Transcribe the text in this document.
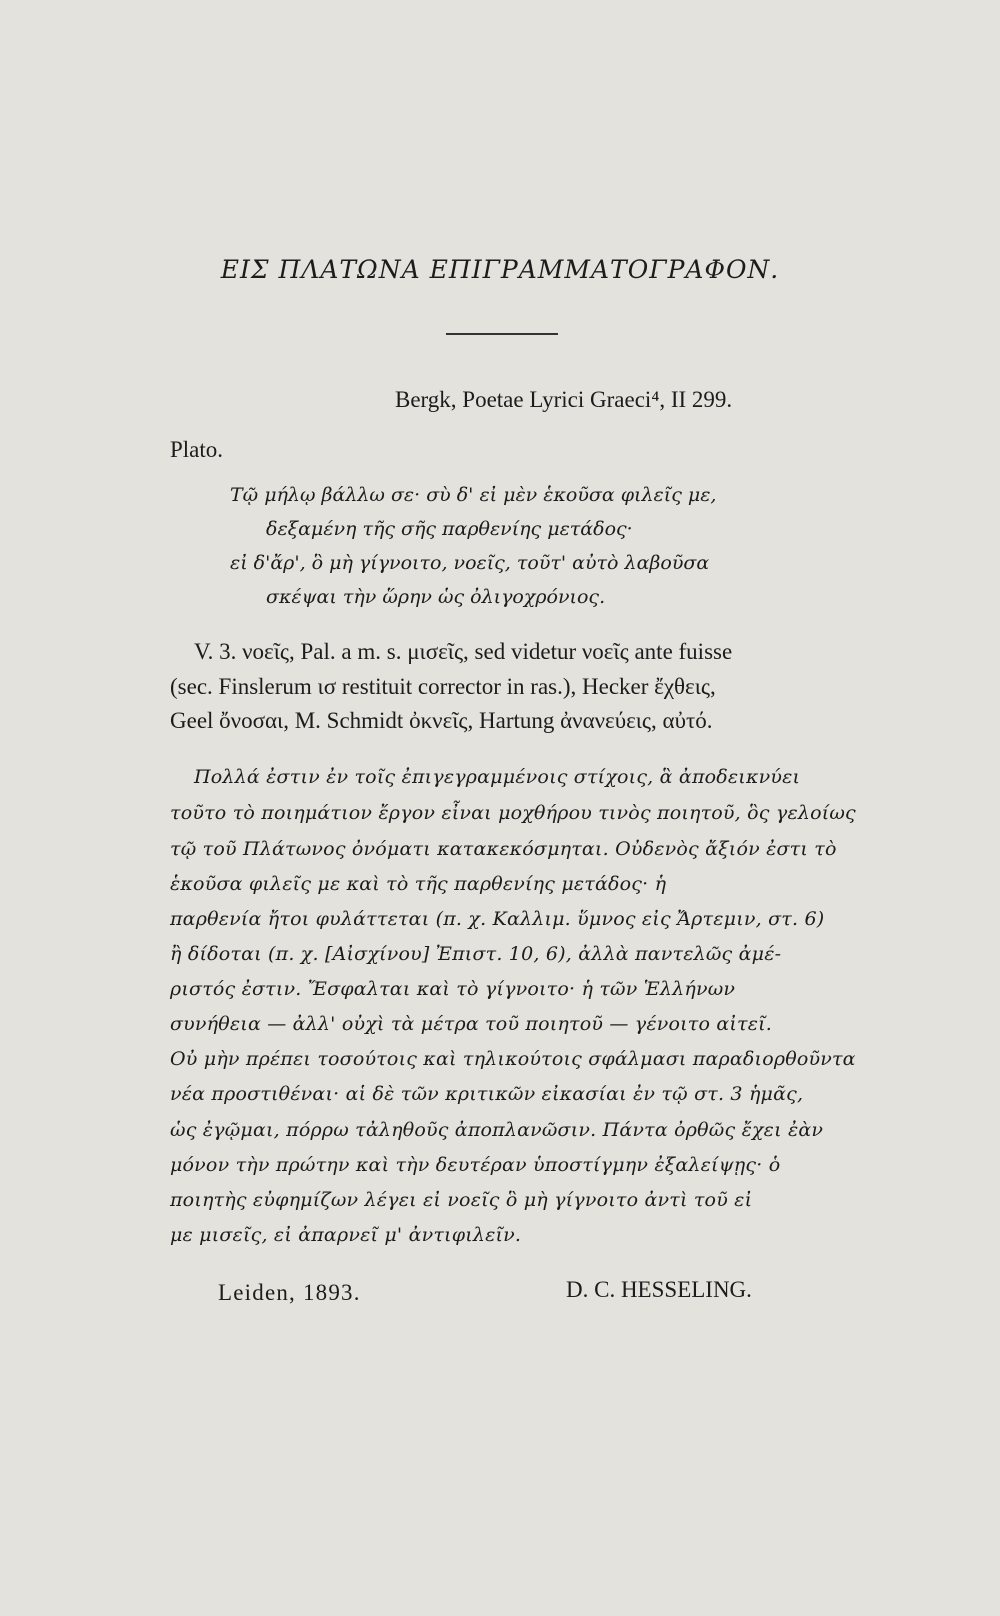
ΕΙΣ ΠΛΑΤΩΝΑ ΕΠΙΓΡΑΜΜΑΤΟΓΡΑΦΟΝ.
Bergk, Poetae Lyrici Graeci⁴, II 299.
Plato.
Τῷ μήλῳ βάλλω σε· σὺ δ' εἰ μὲν ἑκοῦσα φιλεῖς με,
δεξαμένη τῆς σῆς παρθενίης μετάδος·
εἰ δ'ἄρ', ὃ μὴ γίγνοιτο, νοεῖς, τοῦτ' αὐτὸ λαβοῦσα
σκέψαι τὴν ὥρην ὡς ὀλιγοχρόνιος.
V. 3. νοεῖς, Pal. a m. s. μισεῖς, sed videtur νοεῖς ante fuisse
(sec. Finslerum ισ restituit corrector in ras.), Hecker ἔχθεις,
Geel ὄνοσαι, M. Schmidt ὀκνεῖς, Hartung ἀνανεύεις, αὐτό.
Πολλά ἐστιν ἐν τοῖς ἐπιγεγραμμένοις στίχοις, ἃ ἀποδεικνύει
τοῦτο τὸ ποιημάτιον ἔργον εἶναι μοχθήρου τινὸς ποιητοῦ, ὃς γελοίως
τῷ τοῦ Πλάτωνος ὀνόματι κατακεκόσμηται. Οὐδενὸς ἄξιόν ἐστι τὸ
ἑκοῦσα φιλεῖς με καὶ τὸ τῆς παρθενίης μετάδος· ἡ
παρθενία ἤτοι φυλάττεται (π. χ. Καλλιμ. ὕμνος εἰς Ἄρτεμιν, στ. 6)
ἢ δίδοται (π. χ. [Αἰσχίνου] Ἐπιστ. 10, 6), ἀλλὰ παντελῶς ἀμέ-
ριστός ἐστιν. Ἔσφαλται καὶ τὸ γίγνοιτο· ἡ τῶν Ἑλλήνων
συνήθεια — ἀλλ' οὐχὶ τὰ μέτρα τοῦ ποιητοῦ — γένοιτο αἰτεῖ.
Οὐ μὴν πρέπει τοσούτοις καὶ τηλικούτοις σφάλμασι παραδιορθοῦντα
νέα προστιθέναι· αἱ δὲ τῶν κριτικῶν εἰκασίαι ἐν τῷ στ. 3 ἡμᾶς,
ὡς ἐγῷμαι, πόρρω τἀληθοῦς ἀποπλανῶσιν. Πάντα ὀρθῶς ἔχει ἐὰν
μόνον τὴν πρώτην καὶ τὴν δευτέραν ὑποστίγμην ἐξαλείψῃς· ὁ
ποιητὴς εὐφημίζων λέγει εἰ νοεῖς ὃ μὴ γίγνοιτο ἀντὶ τοῦ εἰ
με μισεῖς, εἰ ἀπαρνεῖ μ' ἀντιφιλεῖν.
Leiden, 1893.	D. C. HESSELING.
